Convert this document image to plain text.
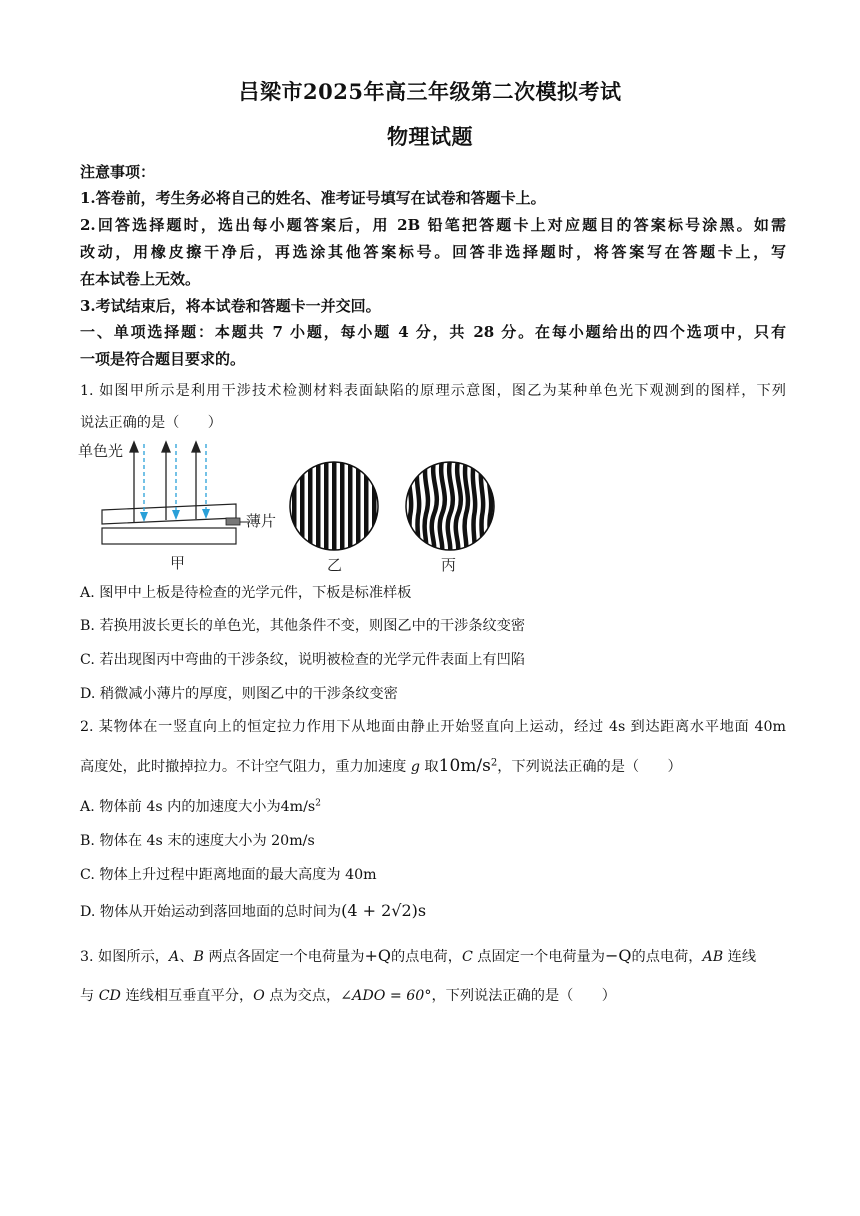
吕梁市2025年高三年级第二次模拟考试
物理试题
注意事项：
1.答卷前，考生务必将自己的姓名、准考证号填写在试卷和答题卡上。
2.回答选择题时，选出每小题答案后，用 2B 铅笔把答题卡上对应题目的答案标号涂黑。如需
改动，用橡皮擦干净后，再选涂其他答案标号。回答非选择题时，将答案写在答题卡上，写
在本试卷上无效。
3.考试结束后，将本试卷和答题卡一并交回。
一、单项选择题：本题共 7 小题，每小题 4 分，共 28 分。在每小题给出的四个选项中，只有
一项是符合题目要求的。
1. 如图甲所示是利用干涉技术检测材料表面缺陷的原理示意图，图乙为某种单色光下观测到的图样，下列
说法正确的是（　　）
单色光
薄片
甲	乙	丙
A. 图甲中上板是待检查的光学元件，下板是标准样板
B. 若换用波长更长的单色光，其他条件不变，则图乙中的干涉条纹变密
C. 若出现图丙中弯曲的干涉条纹，说明被检查的光学元件表面上有凹陷
D. 稍微减小薄片的厚度，则图乙中的干涉条纹变密
2. 某物体在一竖直向上的恒定拉力作用下从地面由静止开始竖直向上运动，经过 4s 到达距离水平地面 40m
高度处，此时撤掉拉力。不计空气阻力，重力加速度 g 取$10m/s^2$，下列说法正确的是（　　）
A. 物体前 4s 内的加速度大小为$4m/s^2$
B. 物体在 4s 末的速度大小为 20m/s
C. 物体上升过程中距离地面的最大高度为 40m
D. 物体从开始运动到落回地面的总时间为(4 + 2√2)s
3. 如图所示，A、B 两点各固定一个电荷量为+Q的点电荷，C 点固定一个电荷量为−Q的点电荷，AB 连线
与 CD 连线相互垂直平分，O 点为交点，∠ADO = 60°，下列说法正确的是（　　）
